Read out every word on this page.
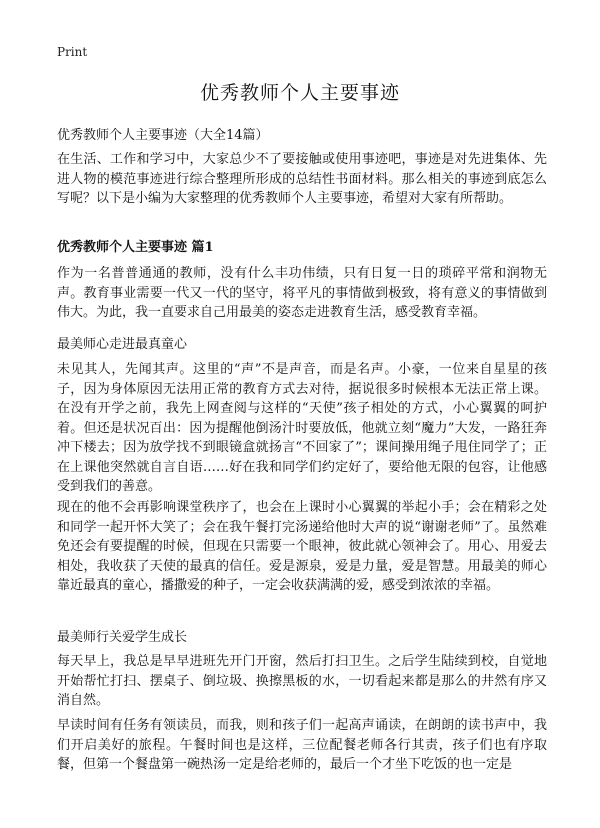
Print
优秀教师个人主要事迹
优秀教师个人主要事迹（大全14篇）

在生活、工作和学习中，大家总少不了要接触或使用事迹吧，事迹是对先进集体、先进人物的模范事迹进行综合整理所形成的总结性书面材料。那么相关的事迹到底怎么写呢？以下是小编为大家整理的优秀教师个人主要事迹，希望对大家有所帮助。

优秀教师个人主要事迹 篇1

作为一名普普通通的教师，没有什么丰功伟绩，只有日复一日的琐碎平常和润物无声。教育事业需要一代又一代的坚守，将平凡的事情做到极致，将有意义的事情做到伟大。为此，我一直要求自己用最美的姿态走进教育生活，感受教育幸福。

最美师心走进最真童心

未见其人，先闻其声。这里的“声”不是声音，而是名声。小豪，一位来自星星的孩子，因为身体原因无法用正常的教育方式去对待，据说很多时候根本无法正常上课。在没有开学之前，我先上网查阅与这样的“天使”孩子相处的方式，小心翼翼的呵护着。但还是状况百出：因为提醒他倒汤汁时要放低，他就立刻“魔力”大发，一路狂奔冲下楼去；因为放学找不到眼镜盒就扬言“不回家了”；课间操用绳子甩住同学了；正在上课他突然就自言自语……好在我和同学们约定好了，要给他无限的包容，让他感受到我们的善意。

现在的他不会再影响课堂秩序了，也会在上课时小心翼翼的举起小手；会在精彩之处和同学一起开怀大笑了；会在我午餐打完汤递给他时大声的说“谢谢老师”了。虽然难免还会有要提醒的时候，但现在只需要一个眼神，彼此就心领神会了。用心、用爱去相处，我收获了天使的最真的信任。爱是源泉，爱是力量，爱是智慧。用最美的师心靠近最真的童心，播撒爱的种子，一定会收获满满的爱，感受到浓浓的幸福。

最美师行关爱学生成长

每天早上，我总是早早进班先开门开窗，然后打扫卫生。之后学生陆续到校，自觉地开始帮忙打扫、摆桌子、倒垃圾、换擦黑板的水，一切看起来都是那么的井然有序又消自然。

早读时间有任务有领读员，而我，则和孩子们一起高声诵读，在朗朗的读书声中，我们开启美好的旅程。午餐时间也是这样，三位配餐老师各行其责，孩子们也有序取餐，但第一个餐盘第一碗热汤一定是给老师的，最后一个才坐下吃饭的也一定是
